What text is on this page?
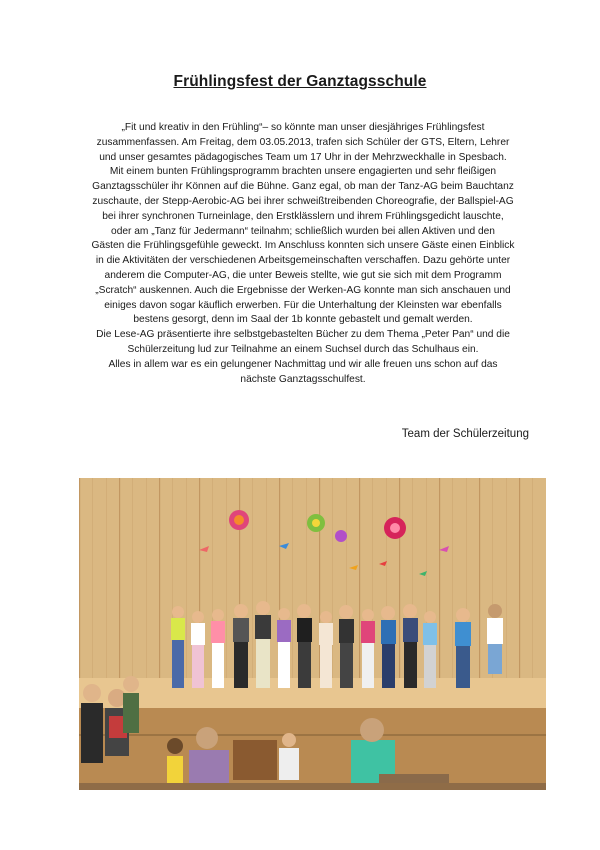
Frühlingsfest der Ganztagsschule
„Fit und kreativ in den Frühling“– so könnte man unser diesjähriges Frühlingsfest
zusammenfassen. Am Freitag, dem 03.05.2013, trafen sich Schüler der GTS, Eltern, Lehrer
und unser gesamtes pädagogisches Team um 17 Uhr in der Mehrzweckhalle in Spesbach.
Mit einem bunten Frühlingsprogramm brachten unsere engagierten und sehr fleißigen
Ganztagsschüler ihr Können auf die Bühne. Ganz egal, ob man der Tanz-AG beim Bauchtanz
zuschaute, der Stepp-Aerobic-AG bei ihrer schweißtreibenden Choreografie, der Ballspiel-AG
bei ihrer synchronen Turneinlage, den Erstklässlern und ihrem Frühlingsgedicht lauschte,
oder am „Tanz für Jedermann“ teilnahm; schließlich wurden bei allen Aktiven und den
Gästen die Frühlingsgefühle geweckt. Im Anschluss konnten sich unsere Gäste einen Einblick
in die Aktivitäten der verschiedenen Arbeitsgemeinschaften verschaffen. Dazu gehörte unter
anderem die Computer-AG, die unter Beweis stellte, wie gut sie sich mit dem Programm
„Scratch“ auskennen. Auch die Ergebnisse der Werken-AG konnte man sich anschauen und
einiges davon sogar käuflich erwerben. Für die Unterhaltung der Kleinsten war ebenfalls
bestens gesorgt, denn im Saal der 1b konnte gebastelt und gemalt werden.
Die Lese-AG präsentierte ihre selbstgebastelten Bücher zu dem Thema „Peter Pan“ und die
Schülerzeitung lud zur Teilnahme an einem Suchsel durch das Schulhaus ein.
Alles in allem war es ein gelungener Nachmittag und wir alle freuen uns schon auf das
nächste Ganztagsschulfest.
Team der Schülerzeitung
